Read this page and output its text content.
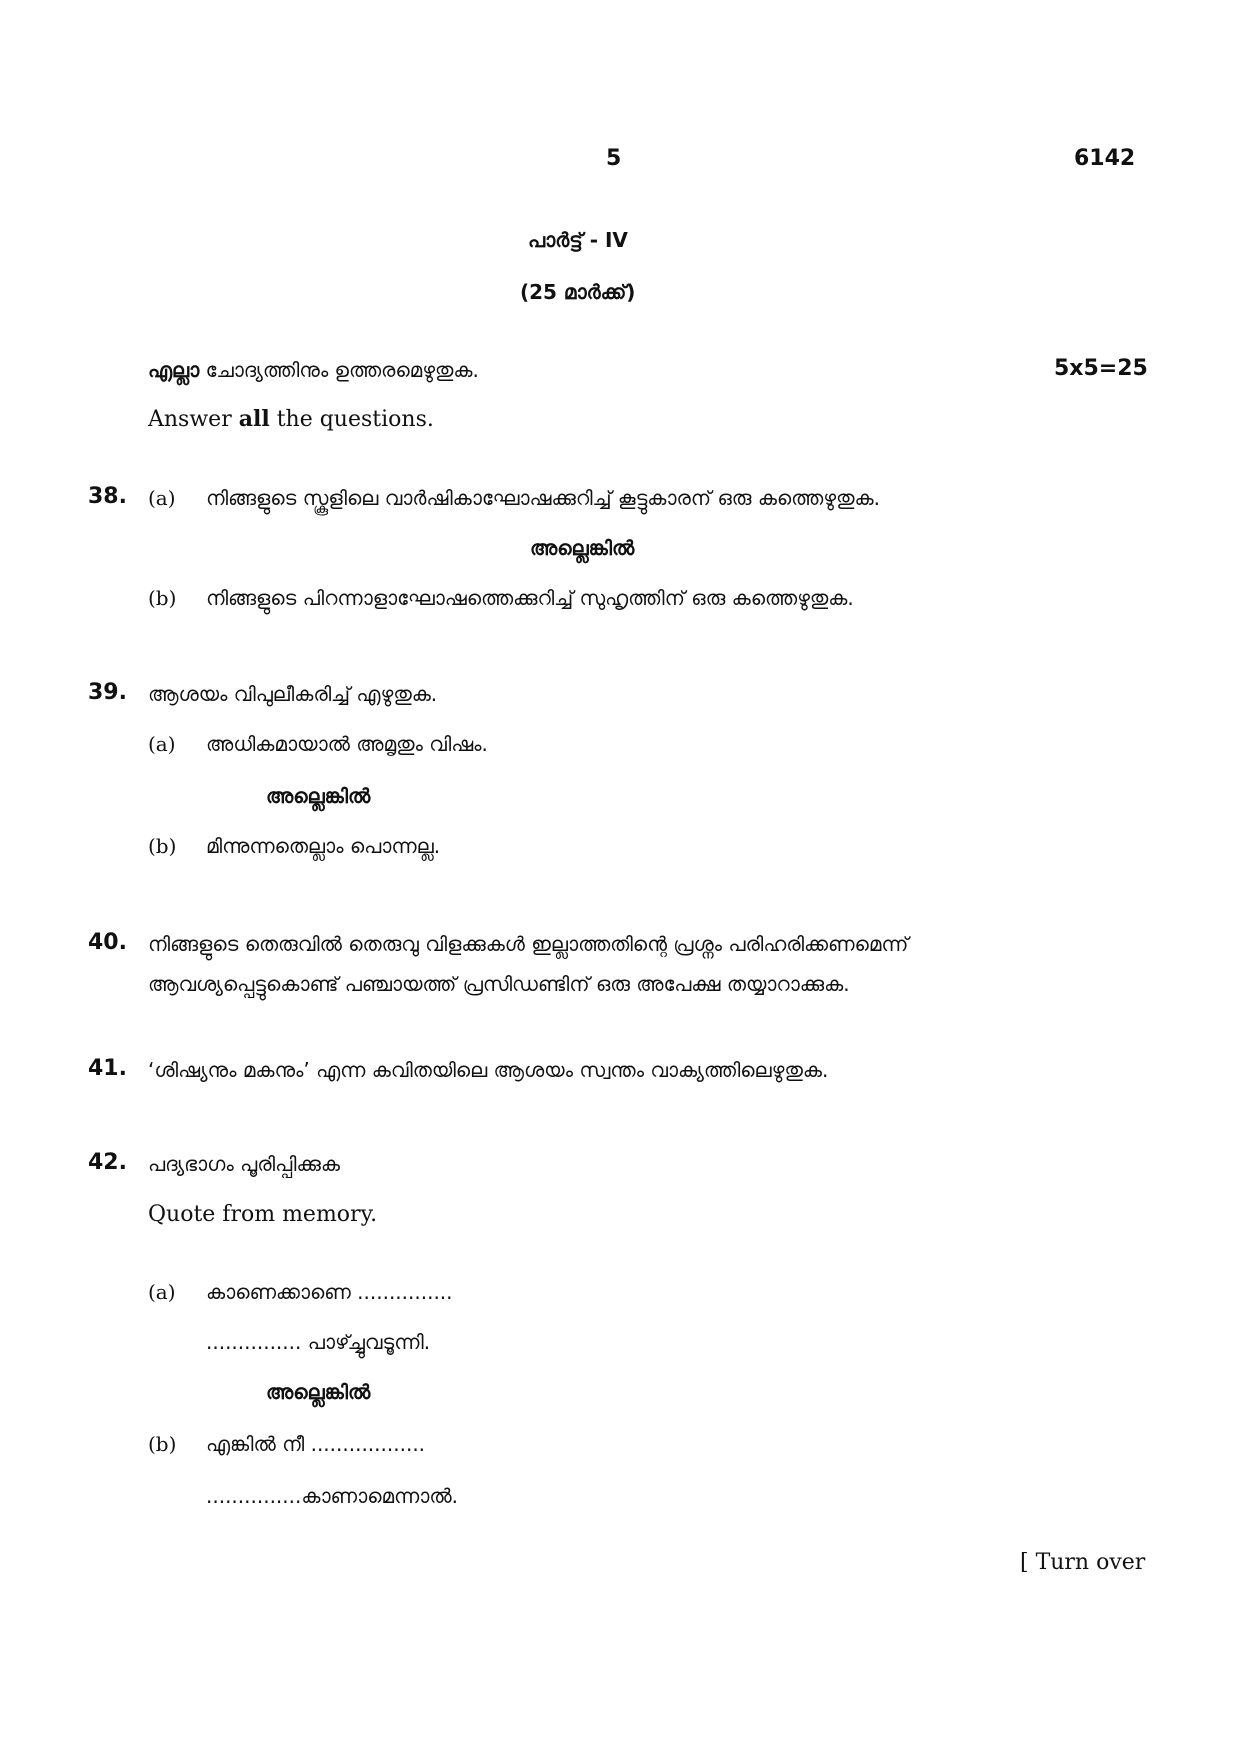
5	6142
പാർട്ട് - IV
(25 മാർക്ക്)
എല്ലാ ചോദ്യത്തിനും ഉത്തരമെഴുതുക.	5x5=25
Answer all the questions.
38. (a) നിങ്ങളുടെ സ്കൂളിലെ വാർഷികാഘോഷക്കുറിച്ച് കൂട്ടുകാരന് ഒരു കത്തെഴുതുക.
അല്ലെങ്കിൽ
(b) നിങ്ങളുടെ പിറന്നാളാഘോഷത്തെക്കുറിച്ച് സുഹൃത്തിന് ഒരു കത്തെഴുതുക.
39. ആശയം വിപുലീകരിച്ച് എഴുതുക.
(a) അധികമായാൽ അമൃതും വിഷം.
അല്ലെങ്കിൽ
(b) മിന്നുന്നതെല്ലാം പൊന്നല്ല.
40. നിങ്ങളുടെ തെരുവിൽ തെരുവു വിളക്കുകൾ ഇല്ലാത്തതിന്റെ പ്രശ്നം പരിഹരിക്കണമെന്ന്
ആവശ്യപ്പെട്ടുകൊണ്ട് പഞ്ചായത്ത് പ്രസിഡണ്ടിന് ഒരു അപേക്ഷ തയ്യാറാക്കുക.
41. ‘ശിഷ്യനും മകനും’ എന്ന കവിതയിലെ ആശയം സ്വന്തം വാക്യത്തിലെഴുതുക.
42. പദ്യഭാഗം പൂരിപ്പിക്കുക
Quote from memory.
(a) കാണെക്കാണെ ...............
............... പാഴ്ച്ചുവടൂന്നി.
അല്ലെങ്കിൽ
(b) എങ്കിൽ നീ ..................
...............കാണാമെന്നാൽ.
[ Turn over
